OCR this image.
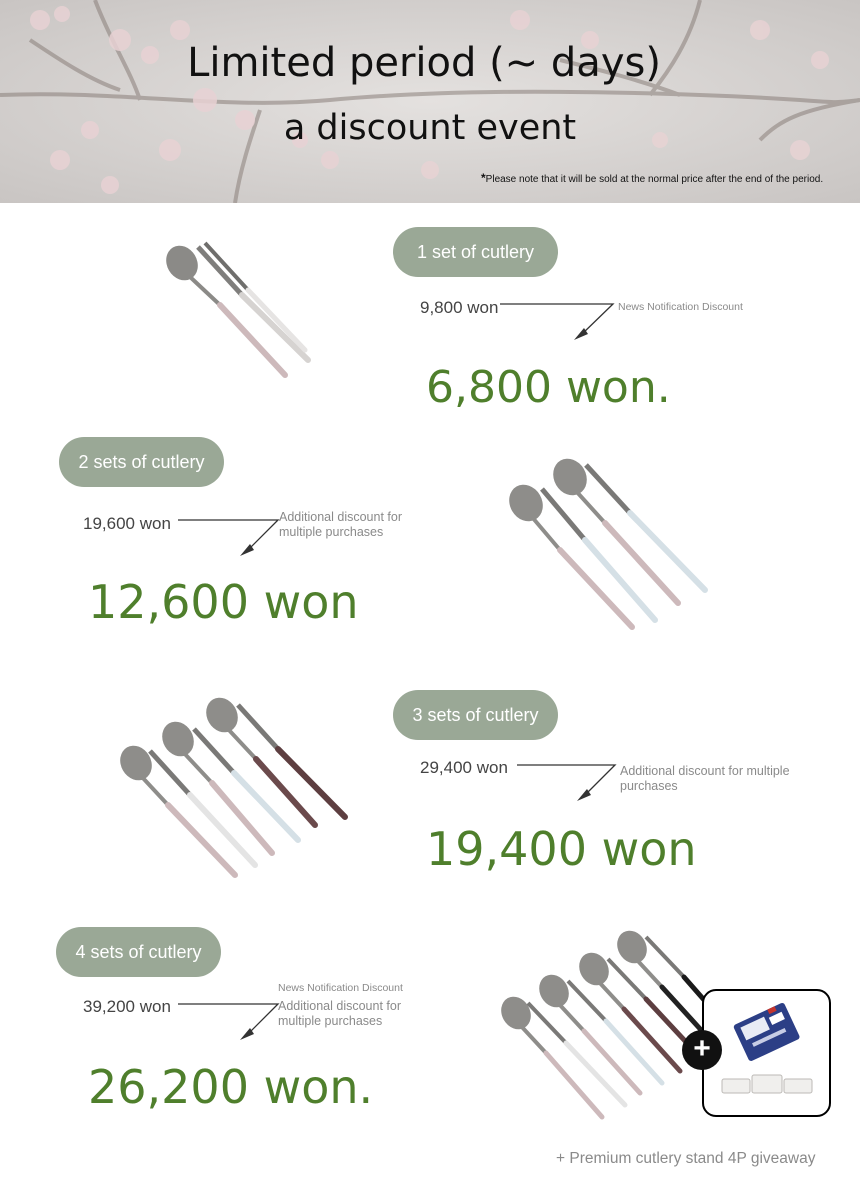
Limited period (~ days)
a discount event
*Please note that it will be sold at the normal price after the end of the period.
1 set of cutlery
9,800 won	News Notification Discount
6,800 won.
2 sets of cutlery
19,600 won	Additional discount for multiple purchases
12,600 won
3 sets of cutlery
29,400 won	Additional discount for multiple purchases
19,400 won
4 sets of cutlery
News Notification Discount
39,200 won	Additional discount for multiple purchases
26,200 won.
+
+ Premium cutlery stand 4P giveaway
